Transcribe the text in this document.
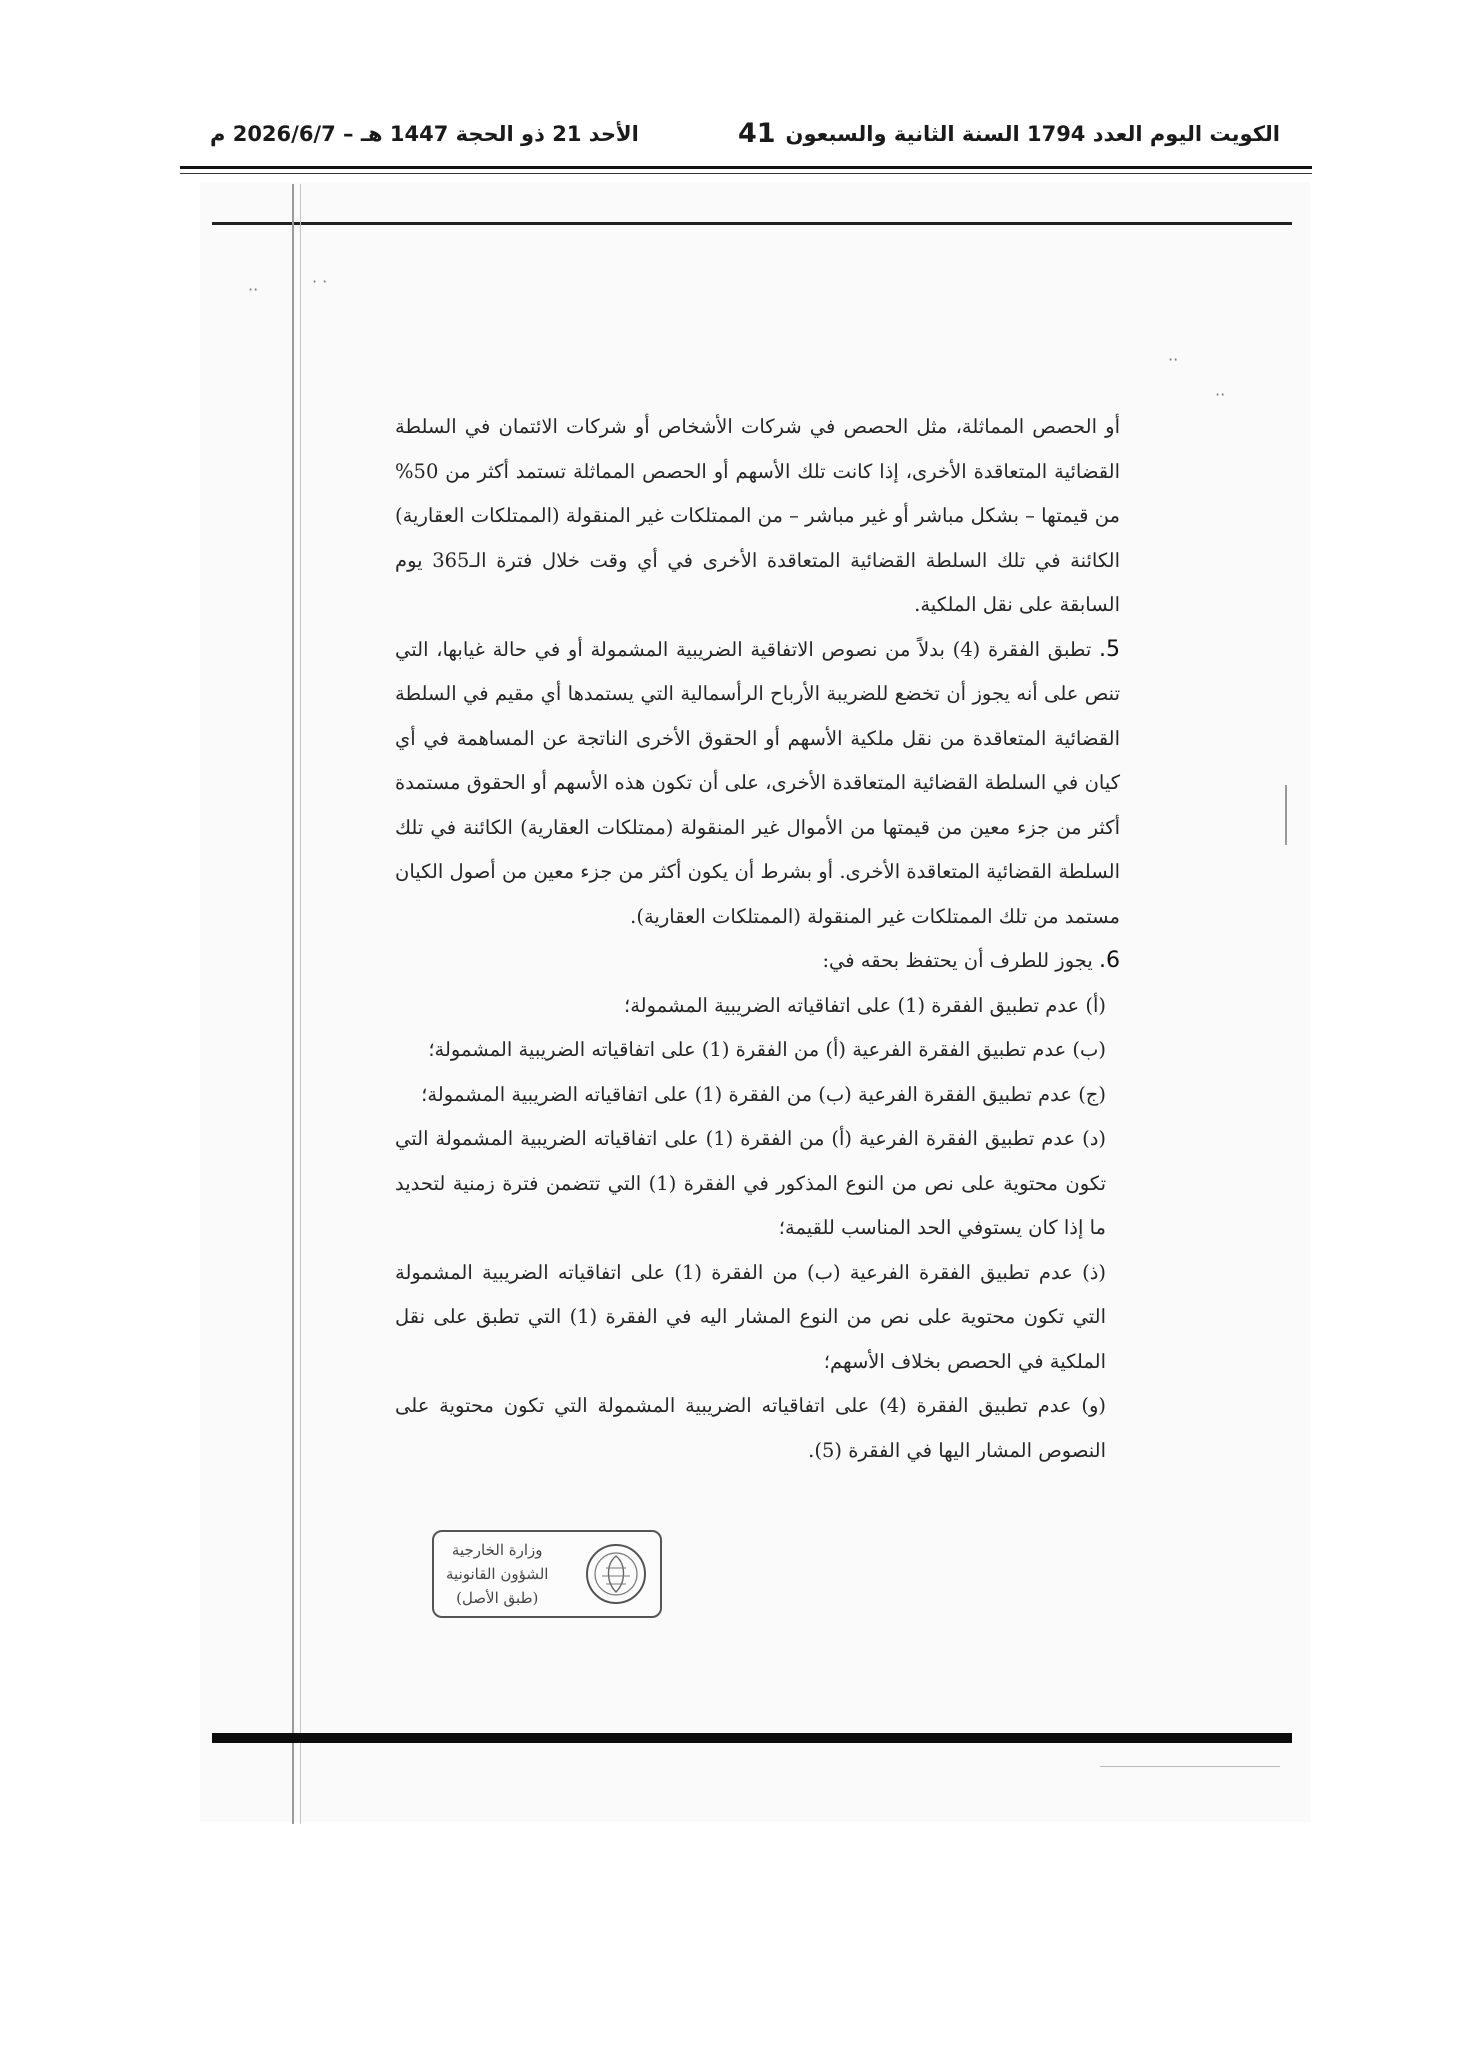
الكويت اليوم العدد 1794 السنة الثانية والسبعون
41
الأحد 21 ذو الحجة 1447 هـ – 2026/6/7 م
··	· ·
··
··

أو الحصص المماثلة، مثل الحصص في شركات الأشخاص أو شركات الائتمان في السلطة القضائية المتعاقدة الأخرى، إذا كانت تلك الأسهم أو الحصص المماثلة تستمد أكثر من 50% من قيمتها – بشكل مباشر أو غير مباشر – من الممتلكات غير المنقولة (الممتلكات العقارية) الكائنة في تلك السلطة القضائية المتعاقدة الأخرى في أي وقت خلال فترة الـ365 يوم السابقة على نقل الملكية.

5. تطبق الفقرة (4) بدلاً من نصوص الاتفاقية الضريبية المشمولة أو في حالة غيابها، التي تنص على أنه يجوز أن تخضع للضريبة الأرباح الرأسمالية التي يستمدها أي مقيم في السلطة القضائية المتعاقدة من نقل ملكية الأسهم أو الحقوق الأخرى الناتجة عن المساهمة في أي كيان في السلطة القضائية المتعاقدة الأخرى، على أن تكون هذه الأسهم أو الحقوق مستمدة أكثر من جزء معين من قيمتها من الأموال غير المنقولة (ممتلكات العقارية) الكائنة في تلك السلطة القضائية المتعاقدة الأخرى. أو بشرط أن يكون أكثر من جزء معين من أصول الكيان مستمد من تلك الممتلكات غير المنقولة (الممتلكات العقارية).

6. يجوز للطرف أن يحتفظ بحقه في:

(أ) عدم تطبيق الفقرة (1) على اتفاقياته الضريبية المشمولة؛

(ب) عدم تطبيق الفقرة الفرعية (أ) من الفقرة (1) على اتفاقياته الضريبية المشمولة؛

(ج) عدم تطبيق الفقرة الفرعية (ب) من الفقرة (1) على اتفاقياته الضريبية المشمولة؛

(د) عدم تطبيق الفقرة الفرعية (أ) من الفقرة (1) على اتفاقياته الضريبية المشمولة التي تكون محتوية على نص من النوع المذكور في الفقرة (1) التي تتضمن فترة زمنية لتحديد ما إذا كان يستوفي الحد المناسب للقيمة؛

(ذ) عدم تطبيق الفقرة الفرعية (ب) من الفقرة (1) على اتفاقياته الضريبية المشمولة التي تكون محتوية على نص من النوع المشار اليه في الفقرة (1) التي تطبق على نقل الملكية في الحصص بخلاف الأسهم؛

(و) عدم تطبيق الفقرة (4) على اتفاقياته الضريبية المشمولة التي تكون محتوية على النصوص المشار اليها في الفقرة (5).

وزارة الخارجية
الشؤون القانونية
(طبق الأصل)
